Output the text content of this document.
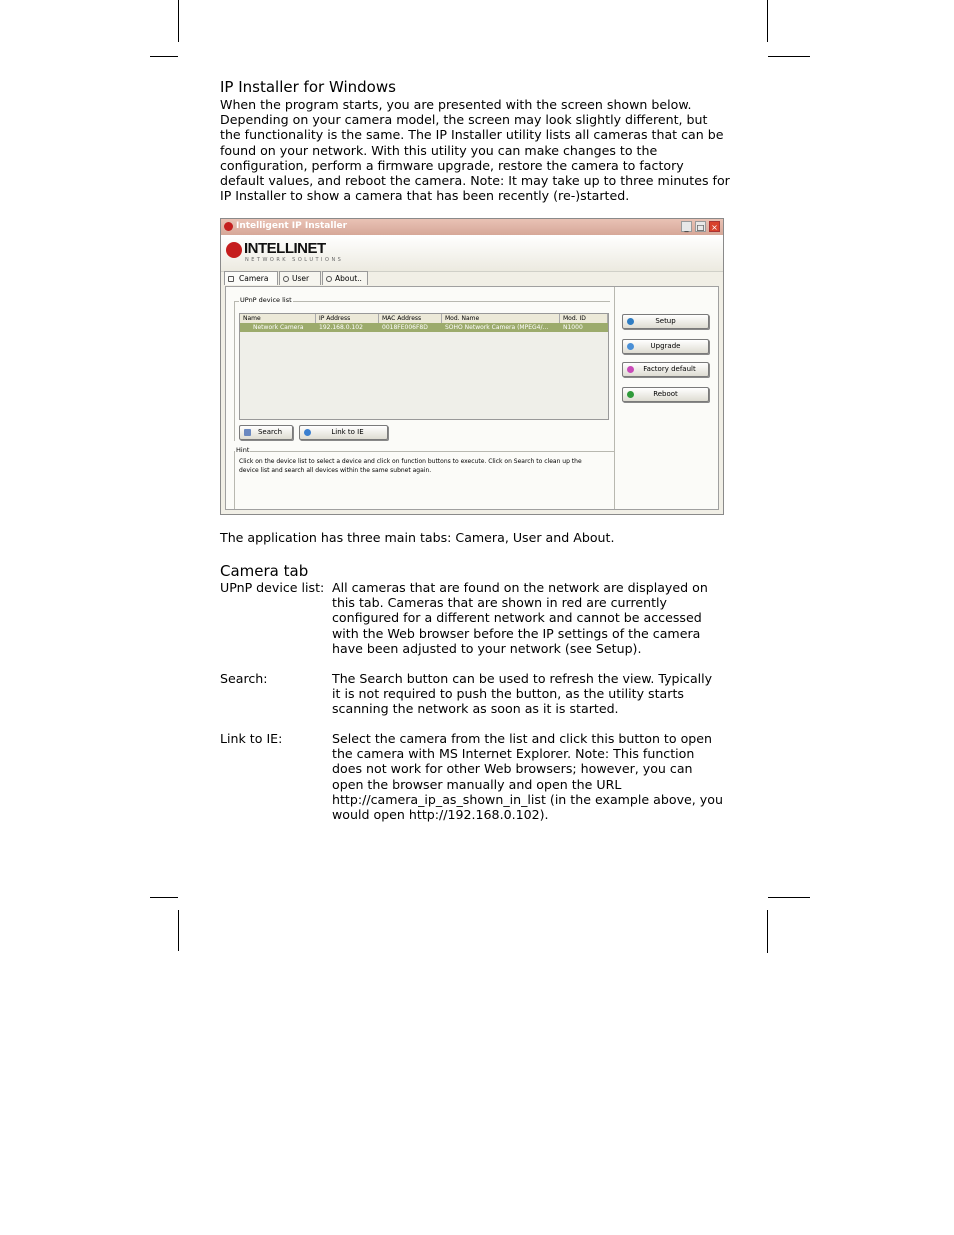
IP Installer for Windows

When the program starts, you are presented with the screen shown below. Depending on your camera model, the screen may look slightly different, but the functionality is the same. The IP Installer utility lists all cameras that can be found on your network. With this utility you can make changes to the configuration, perform a firmware upgrade, restore the camera to factory default values, and reboot the camera. Note: It may take up to three minutes for IP Installer to show a camera that has been recently (re-)started.

Intelligent IP Installer	_	□ ×
INTELLINET
NETWORK SOLUTIONS
Camera	User	About..
UPnP device list
Name	IP Address	MAC Address	Mod. Name	Mod. ID
Network Camera	192.168.0.102	0018FE006F8D	SOHO Network Camera (MPEG4/...	N1000
Search	Link to IE
Setup
Upgrade
Factory default
Reboot
Hint
Click on the device list to select a device and click on function buttons to execute. Click on Search to clean up the device list and search all devices within the same subnet again.

The application has three main tabs: Camera, User and About.

Camera tab
UPnP device list: All cameras that are found on the network are displayed on this tab. Cameras that are shown in red are currently configured for a different network and cannot be accessed with the Web browser before the IP settings of the camera have been adjusted to your network (see Setup).
Search:	The Search button can be used to refresh the view. Typically it is not required to push the button, as the utility starts scanning the network as soon as it is started.
Link to IE:	Select the camera from the list and click this button to open the camera with MS Internet Explorer. Note: This function does not work for other Web browsers; however, you can open the browser manually and open the URL http://camera_ip_as_shown_in_list (in the example above, you would open http://192.168.0.102).
